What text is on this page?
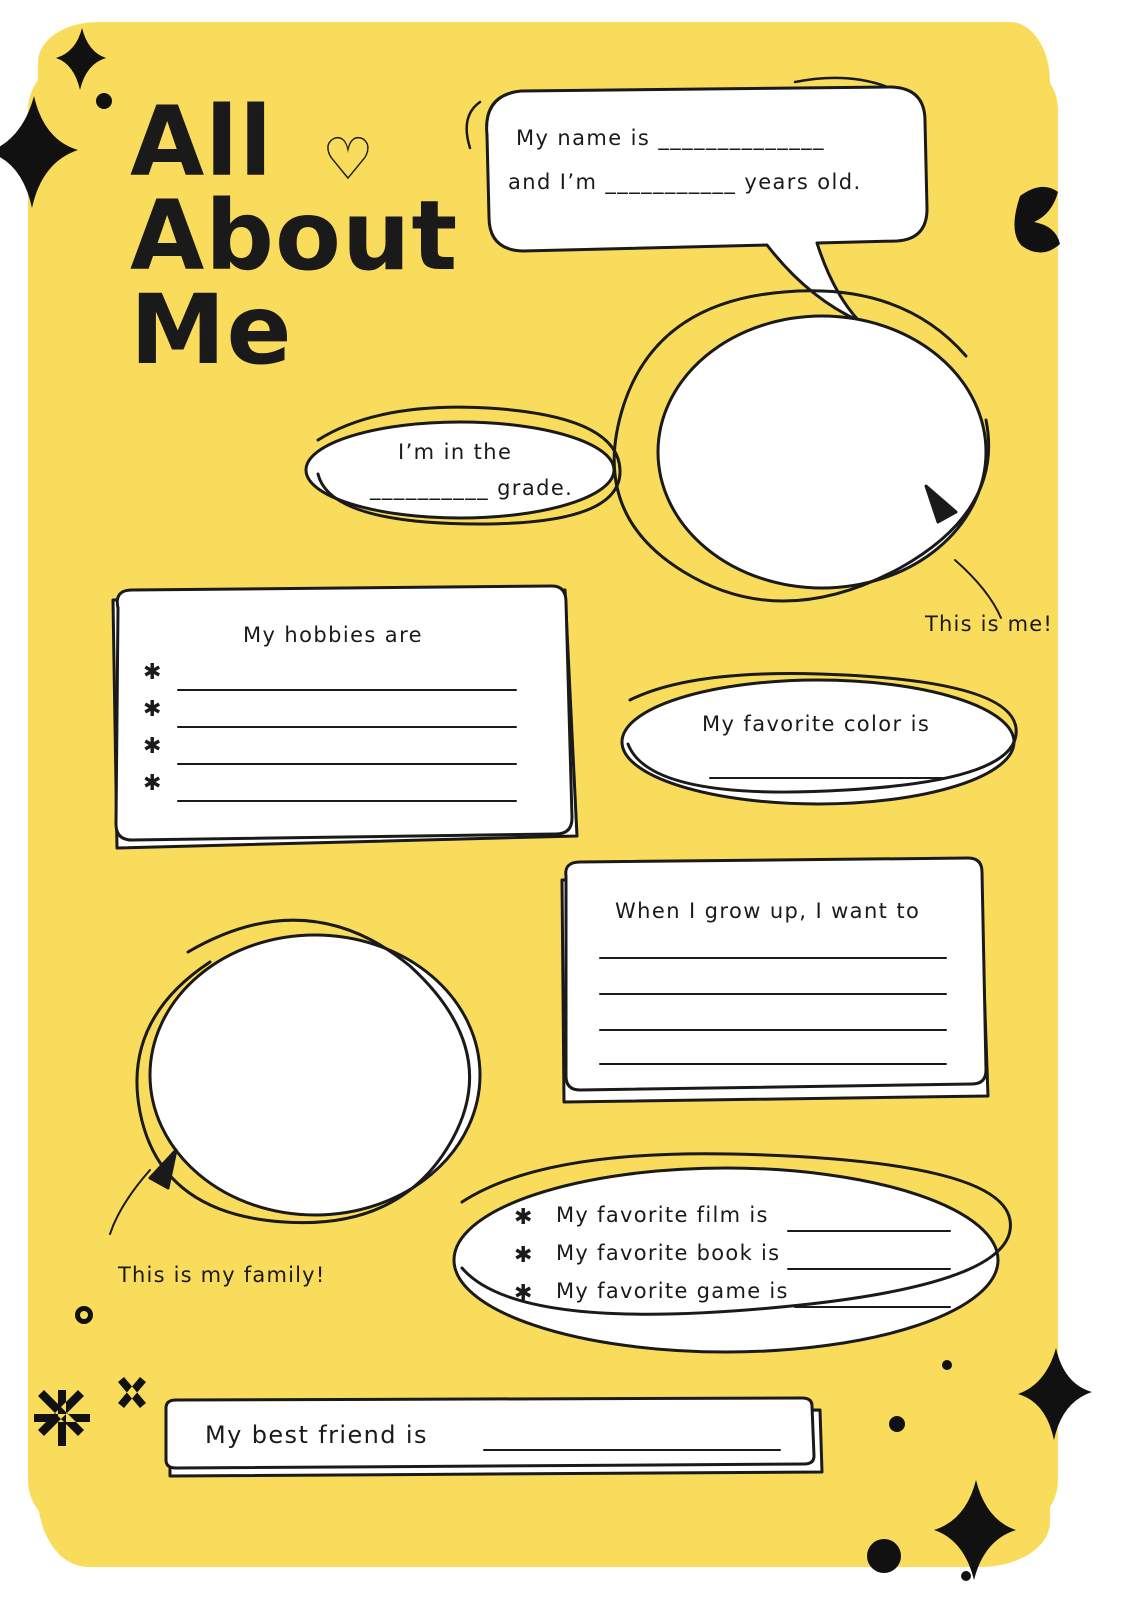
All
About
Me
♡	My name is ______________
and I’m ___________ years old.
I’m in the
__________ grade.
This is me!
My hobbies are
✱
✱
✱
✱
My favorite color is
When I grow up, I want to
This is my family!
✱ My favorite film is
✱ My favorite book is
✱ My favorite game is
My best friend is
